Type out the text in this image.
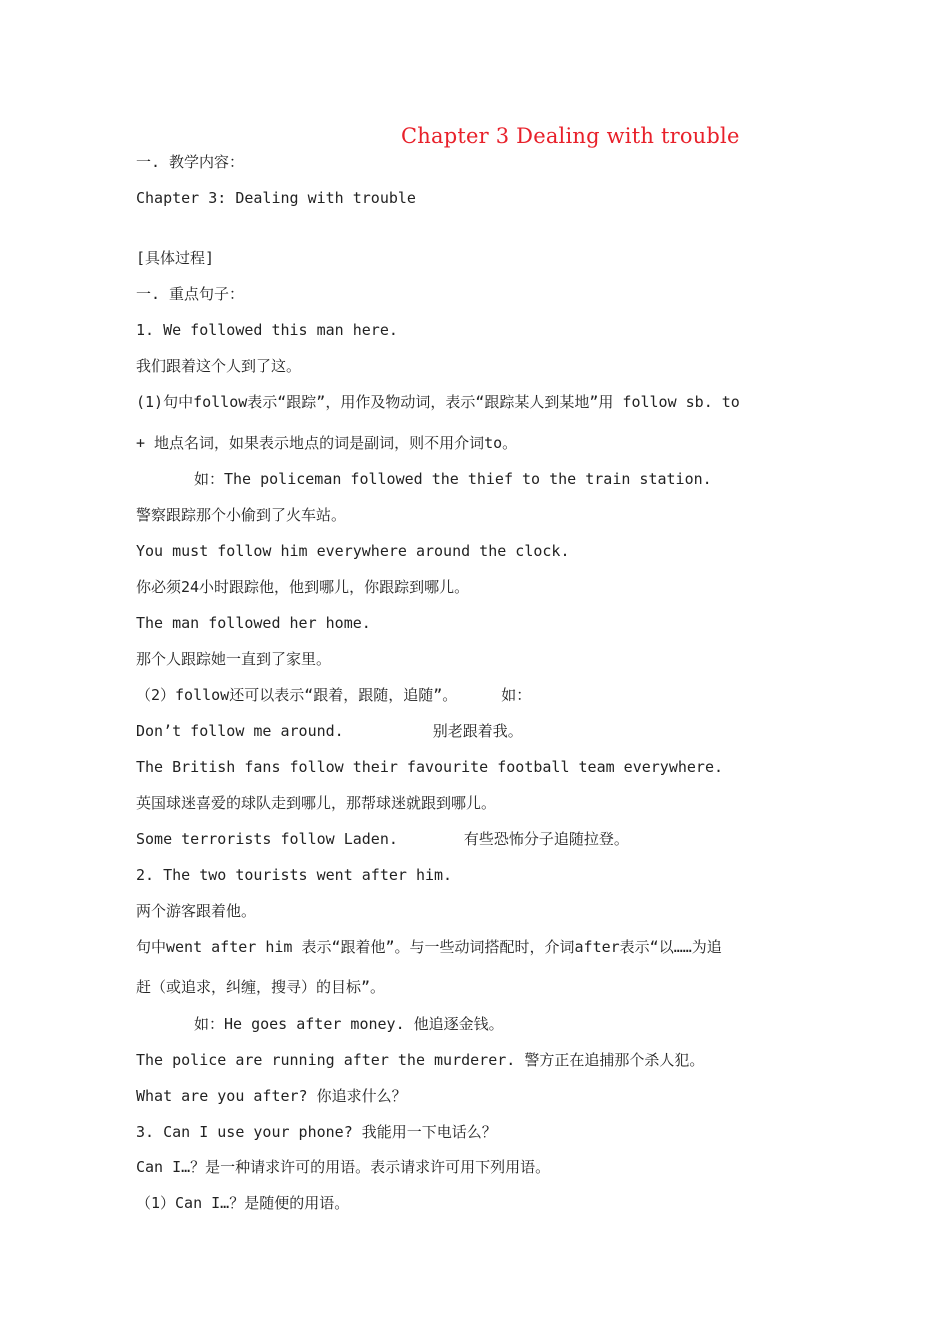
Chapter 3 Dealing with trouble
一. 教学内容：
Chapter 3: Dealing with trouble
[具体过程]
一. 重点句子：
1. We followed this man here.
我们跟着这个人到了这。
(1)句中follow表示“跟踪”，用作及物动词，表示“跟踪某人到某地”用 follow sb. to
+ 地点名词，如果表示地点的词是副词，则不用介词to。
如：The policeman followed the thief to the train station.
警察跟踪那个小偷到了火车站。
You must follow him everywhere around the clock.
你必须24小时跟踪他，他到哪儿，你跟踪到哪儿。
The man followed her home.
那个人跟踪她一直到了家里。
（2）follow还可以表示“跟着，跟随，追随”。	如：
Don’t follow me around.	别老跟着我。
The British fans follow their favourite football team everywhere.
英国球迷喜爱的球队走到哪儿，那帮球迷就跟到哪儿。
Some terrorists follow Laden.	有些恐怖分子追随拉登。
2. The two tourists went after him.
两个游客跟着他。
句中went after him 表示“跟着他”。与一些动词搭配时，介词after表示“以……为追
赶（或追求，纠缠，搜寻）的目标”。
如：He goes after money. 他追逐金钱。
The police are running after the murderer. 警方正在追捕那个杀人犯。
What are you after? 你追求什么？
3. Can I use your phone? 我能用一下电话么？
Can I…？是一种请求许可的用语。表示请求许可用下列用语。
（1）Can I…？是随便的用语。
